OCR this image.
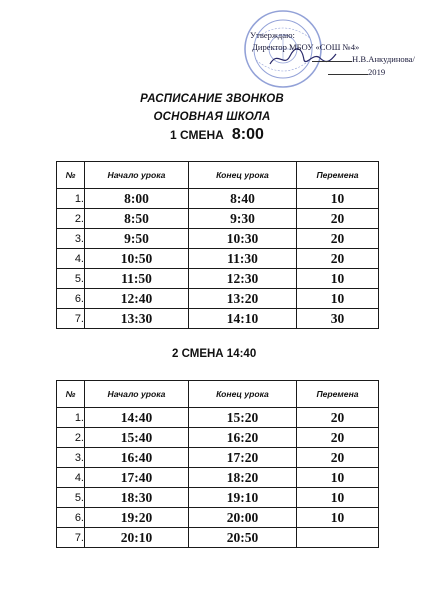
Утверждаю:
Директор МБОУ «СОШ №4»
Н.В.Анкудинова/
2019
РАСПИСАНИЕ ЗВОНКОВ
ОСНОВНАЯ ШКОЛА
1 СМЕНА 8:00
№	Начало урока	Конец урока	Перемена
1.	8:00	8:40	10
2.	8:50	9:30	20
3.	9:50	10:30	20
4.	10:50	11:30	20
5.	11:50	12:30	10
6.	12:40	13:20	10
7.	13:30	14:10	30
2 СМЕНА 14:40
№	Начало урока	Конец урока	Перемена
1.	14:40	15:20	20
2.	15:40	16:20	20
3.	16:40	17:20	20
4.	17:40	18:20	10
5.	18:30	19:10	10
6.	19:20	20:00	10
7.	20:10	20:50	
